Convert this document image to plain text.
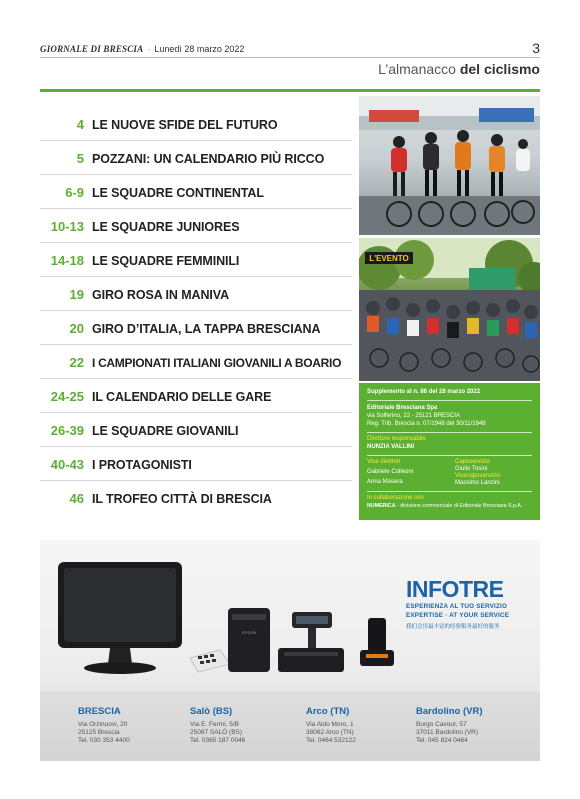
GIORNALE DI BRESCIA · Lunedì 28 marzo 2022	3
L’almanacco del ciclismo
4 LE NUOVE SFIDE DEL FUTURO
5 POZZANI: UN CALENDARIO PIÙ RICCO
6-9 LE SQUADRE CONTINENTAL
10-13 LE SQUADRE JUNIORES
14-18 LE SQUADRE FEMMINILI
19 GIRO ROSA IN MANIVA
20 GIRO D’ITALIA, LA TAPPA BRESCIANA
22 I CAMPIONATI ITALIANI GIOVANILI A BOARIO
24-25 IL CALENDARIO DELLE GARE
26-39 LE SQUADRE GIOVANILI
40-43 I PROTAGONISTI
46 IL TROFEO CITTÀ DI BRESCIA
L'EVENTO
Supplemento al n. 86 del 28 marzo 2022
Editoriale Bresciana Spa
via Solferino, 22 - 25121 BRESCIA
Reg. Trib. Brescia n. 07/1948 del 30/11/1948
Direttore responsabile
NUNZIA VALLINI
Vice direttori
Gabriele Colleoni
Anna Masera
Caposervizio
Giulio Tosini
Vicecaposervizio
Massimo Lanzini
In collaborazione con
NUMERICA - divisione commerciale di Editoriale Bresciana S.p.A.
EPSON
INFOTRE
ESPERIENZA AL TUO SERVIZIO
EXPERTISE · AT YOUR SERVICE
我们会用最丰富的经验服务最好的服务
BRESCIA
Via Orzinuovi, 20
25125 Brescia
Tel. 030 353 4400
Salò (BS)
Via E. Fermi, 5/B
25087 SALÒ (BS)
Tel. 0365 187 0046
Arco (TN)
Via Aldo Moro, 1
38062 Arco (TN)
Tel. 0464 532122
Bardolino (VR)
Borgo Cavour, 57
37011 Bardolino (VR)
Tel. 045 824 0464
